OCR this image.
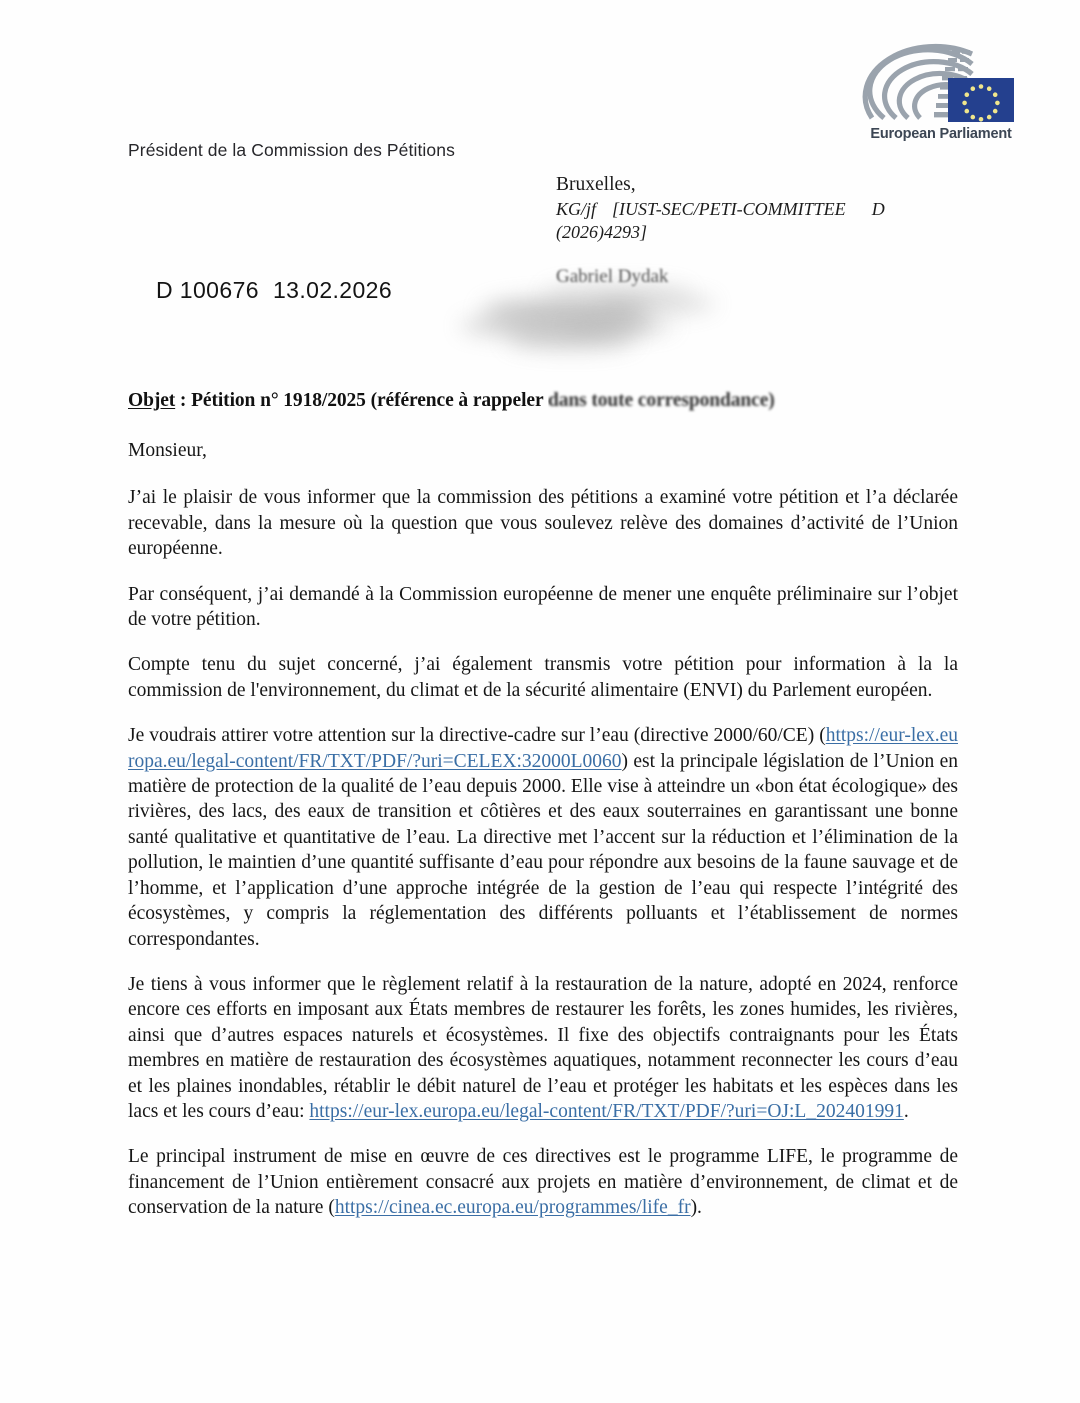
European Parliament
Président de la Commission des Pétitions
Bruxelles,
KG/jf [IUST-SEC/PETI-COMMITTEE D
(2026)4293]
D 100676 13.02.2026
Gabriel Dydak
Objet : Pétition n° 1918/2025 (référence à rappeler dans toute correspondance)

Monsieur,

J’ai le plaisir de vous informer que la commission des pétitions a examiné votre pétition et l’a déclarée recevable, dans la mesure où la question que vous soulevez relève des domaines d’activité de l’Union européenne.

Par conséquent, j’ai demandé à la Commission européenne de mener une enquête préliminaire sur l’objet de votre pétition.

Compte tenu du sujet concerné, j’ai également transmis votre pétition pour information à la la commission de l'environnement, du climat et de la sécurité alimentaire (ENVI) du Parlement européen.

Je voudrais attirer votre attention sur la directive-cadre sur l’eau (directive 2000/60/CE) (https://eur-lex.europa.eu/legal-content/FR/TXT/PDF/?uri=CELEX:32000L0060) est la principale législation de l’Union en matière de protection de la qualité de l’eau depuis 2000. Elle vise à atteindre un «bon état écologique» des rivières, des lacs, des eaux de transition et côtières et des eaux souterraines en garantissant une bonne santé qualitative et quantitative de l’eau. La directive met l’accent sur la réduction et l’élimination de la pollution, le maintien d’une quantité suffisante d’eau pour répondre aux besoins de la faune sauvage et de l’homme, et l’application d’une approche intégrée de la gestion de l’eau qui respecte l’intégrité des écosystèmes, y compris la réglementation des différents polluants et l’établissement de normes correspondantes.

Je tiens à vous informer que le règlement relatif à la restauration de la nature, adopté en 2024, renforce encore ces efforts en imposant aux États membres de restaurer les forêts, les zones humides, les rivières, ainsi que d’autres espaces naturels et écosystèmes. Il fixe des objectifs contraignants pour les États membres en matière de restauration des écosystèmes aquatiques, notamment reconnecter les cours d’eau et les plaines inondables, rétablir le débit naturel de l’eau et protéger les habitats et les espèces dans les lacs et les cours d’eau: https://eur-lex.europa.eu/legal-content/FR/TXT/PDF/?uri=OJ:L_202401991.

Le principal instrument de mise en œuvre de ces directives est le programme LIFE, le programme de financement de l’Union entièrement consacré aux projets en matière d’environnement, de climat et de conservation de la nature (https://cinea.ec.europa.eu/programmes/life_fr).
